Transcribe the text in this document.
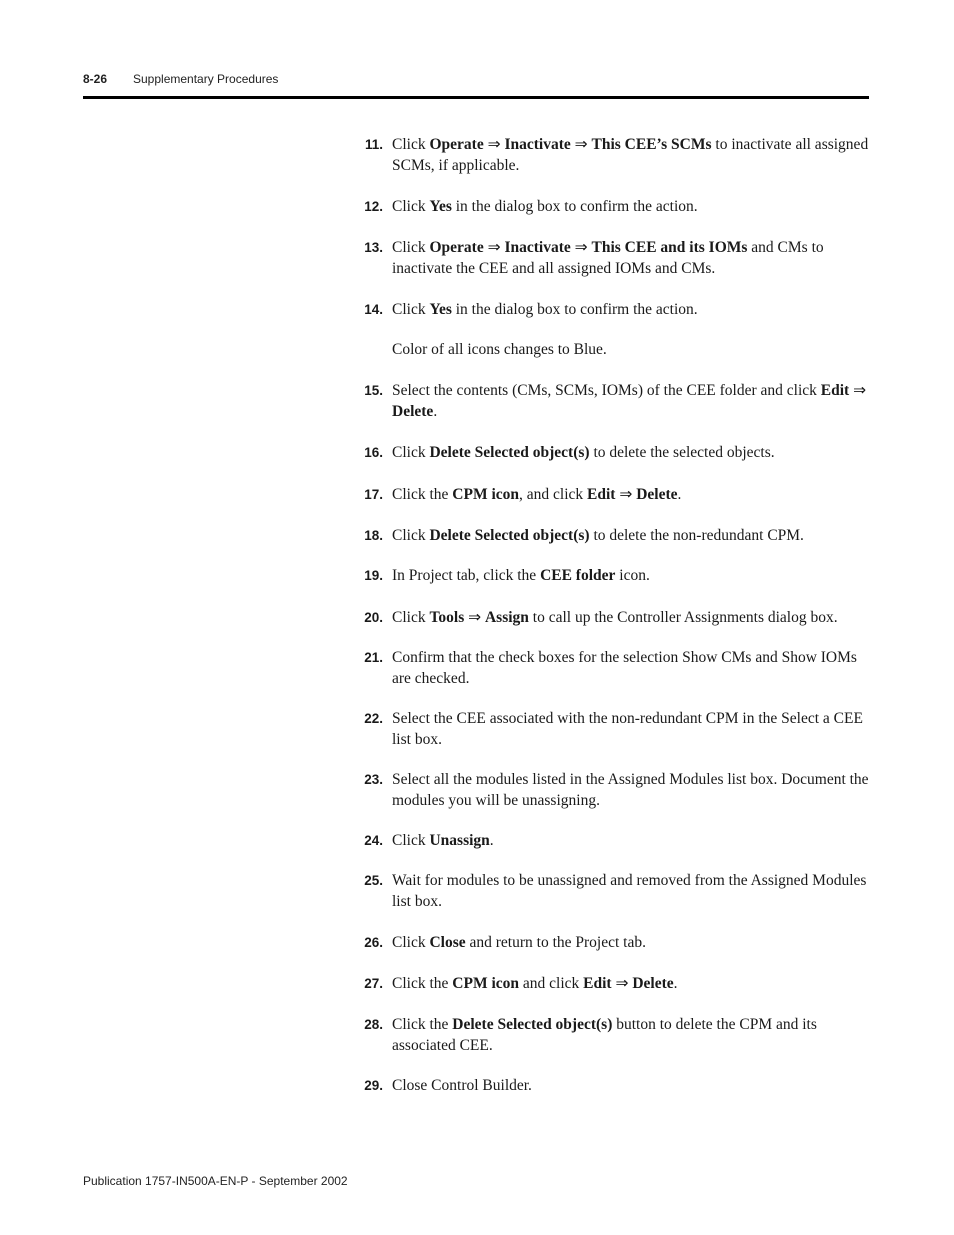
8-26 Supplementary Procedures
11. Click Operate ⇒ Inactivate ⇒ This CEE’s SCMs to inactivate all assigned SCMs, if applicable.
12. Click Yes in the dialog box to confirm the action.
13. Click Operate ⇒ Inactivate ⇒ This CEE and its IOMs and CMs to inactivate the CEE and all assigned IOMs and CMs.
14. Click Yes in the dialog box to confirm the action.
Color of all icons changes to Blue.
15. Select the contents (CMs, SCMs, IOMs) of the CEE folder and click Edit ⇒ Delete.
16. Click Delete Selected object(s) to delete the selected objects.
17. Click the CPM icon, and click Edit ⇒ Delete.
18. Click Delete Selected object(s) to delete the non-redundant CPM.
19. In Project tab, click the CEE folder icon.
20. Click Tools ⇒ Assign to call up the Controller Assignments dialog box.
21. Confirm that the check boxes for the selection Show CMs and Show IOMs are checked.
22. Select the CEE associated with the non-redundant CPM in the Select a CEE list box.
23. Select all the modules listed in the Assigned Modules list box. Document the modules you will be unassigning.
24. Click Unassign.
25. Wait for modules to be unassigned and removed from the Assigned Modules list box.
26. Click Close and return to the Project tab.
27. Click the CPM icon and click Edit ⇒ Delete.
28. Click the Delete Selected object(s) button to delete the CPM and its associated CEE.
29. Close Control Builder.
Publication 1757-IN500A-EN-P - September 2002
